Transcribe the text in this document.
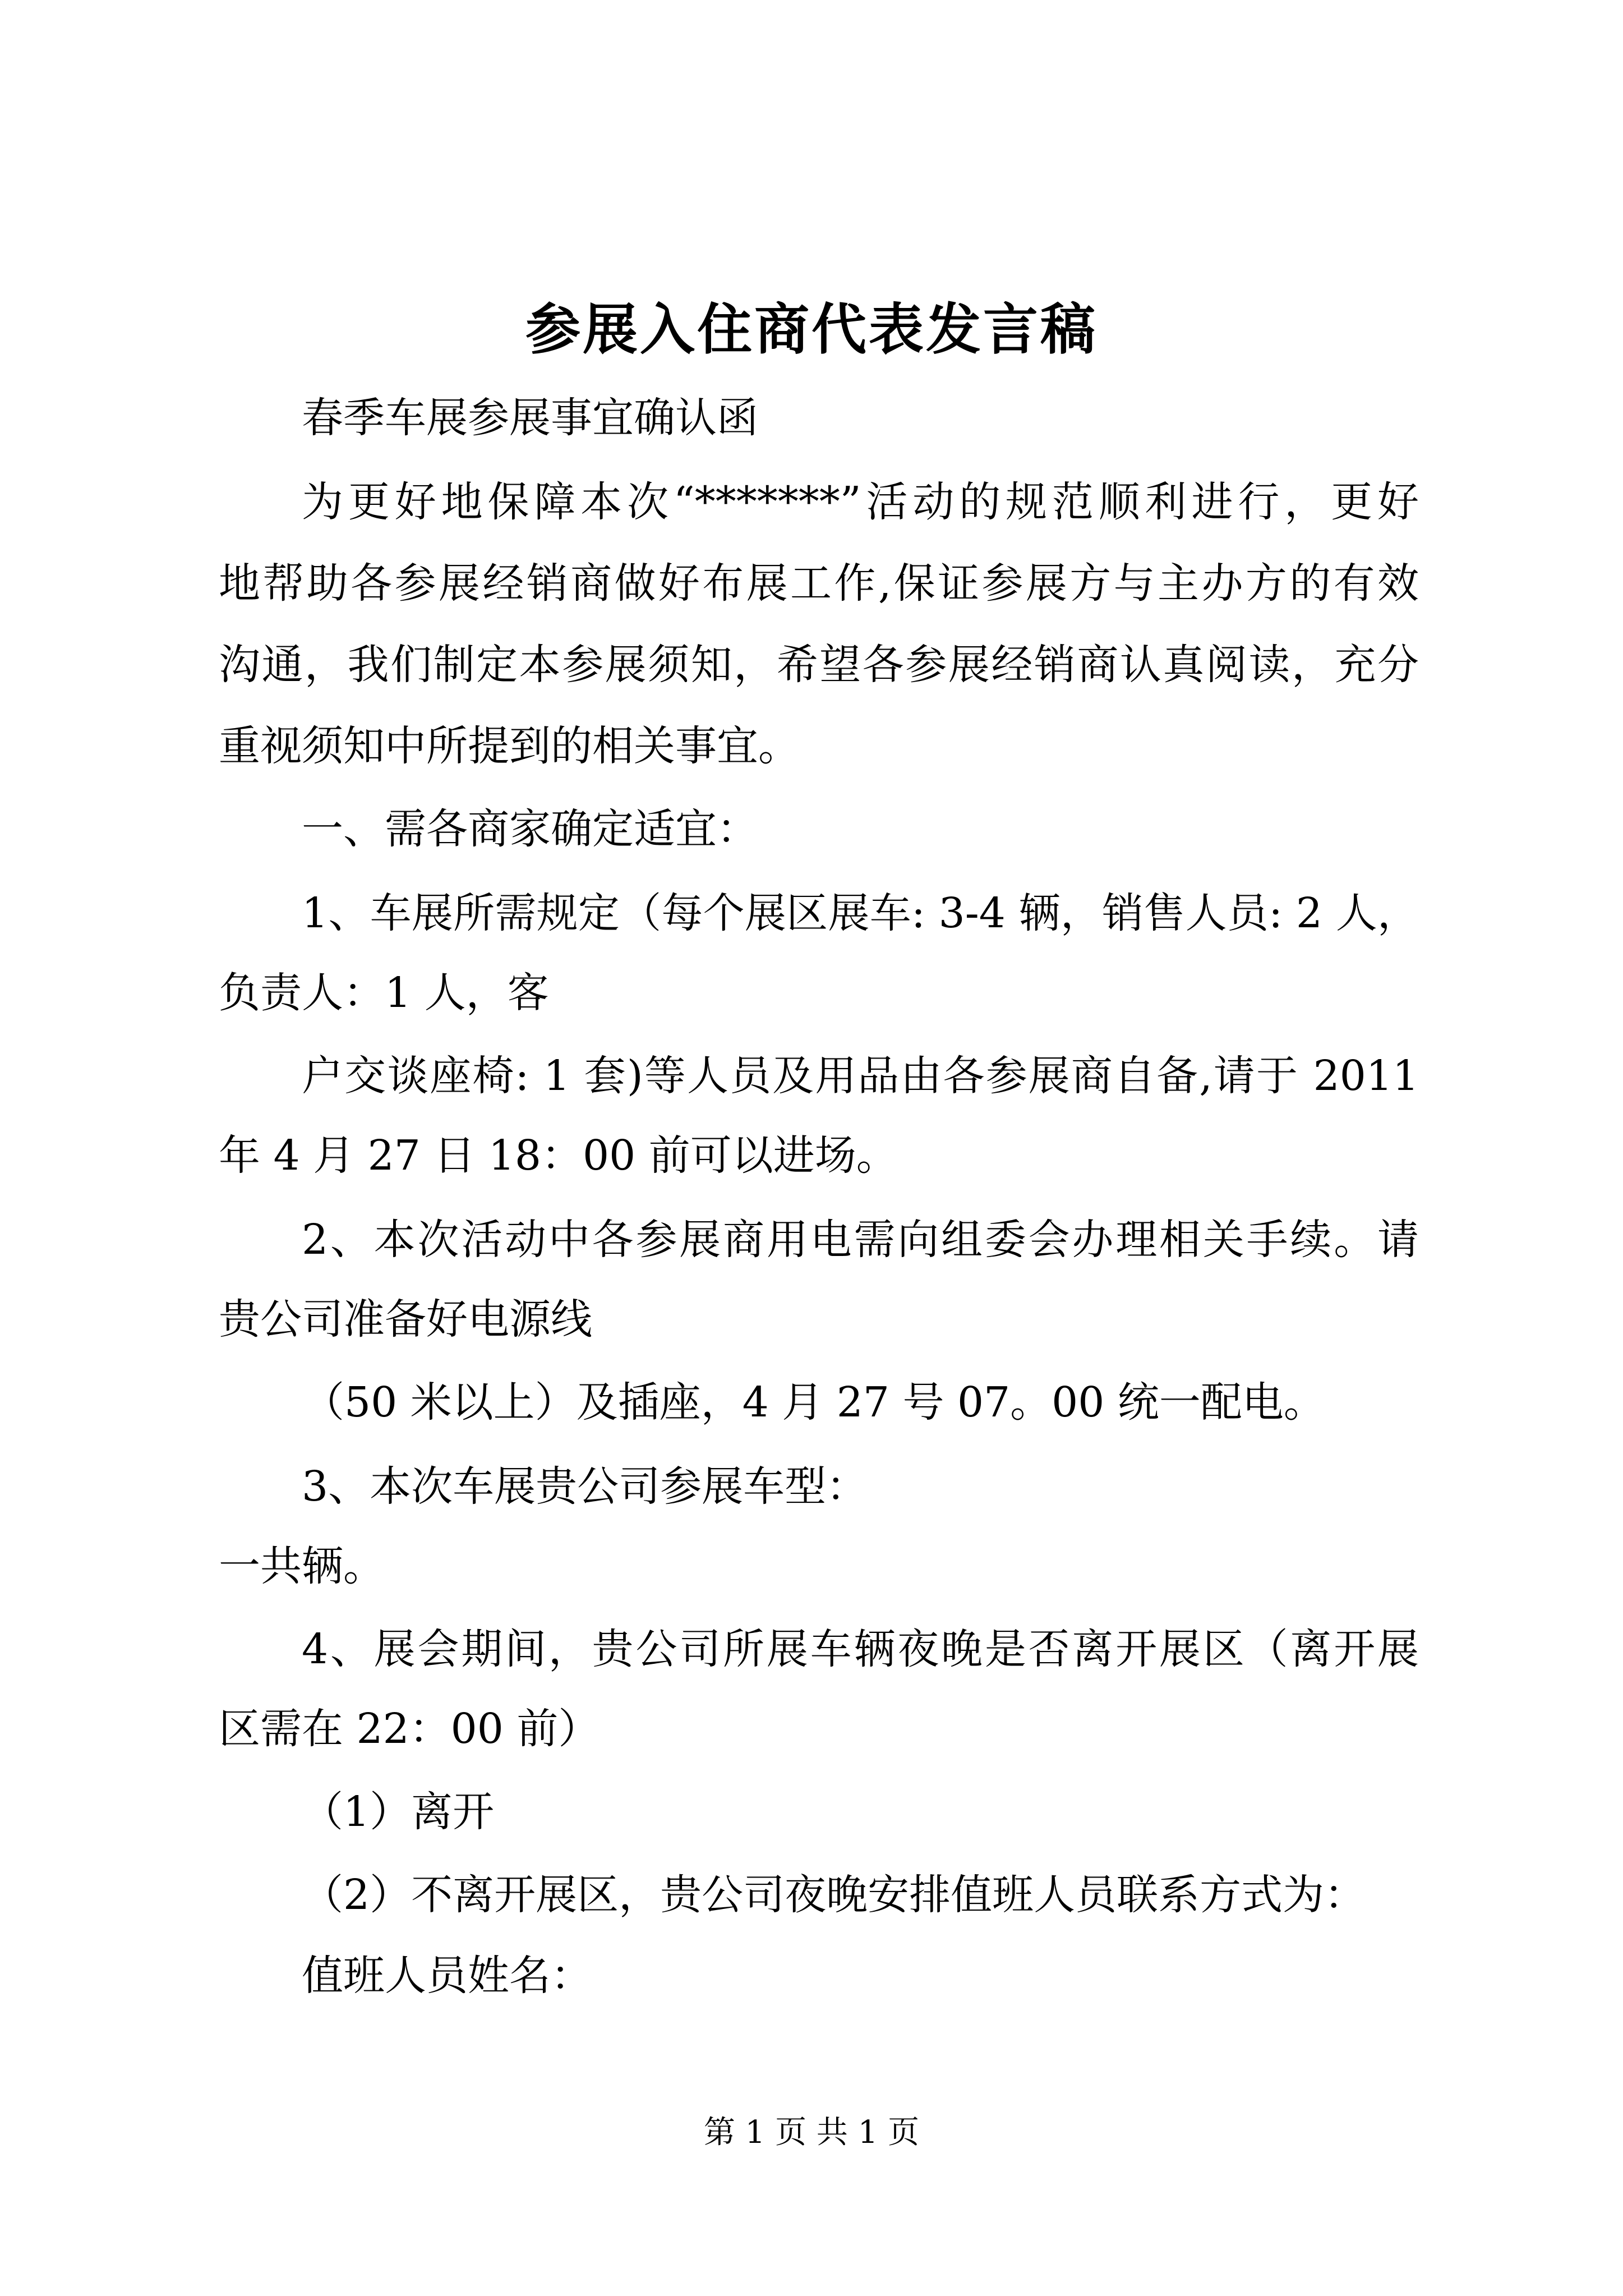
参展入住商代表发言稿

春季车展参展事宜确认函

为更好地保障本次“*******”活动的规范顺利进行，更好

地帮助各参展经销商做好布展工作,保证参展方与主办方的有效

沟通，我们制定本参展须知，希望各参展经销商认真阅读，充分

重视须知中所提到的相关事宜。

一、需各商家确定适宜：

1、车展所需规定（每个展区展车: 3-4 辆，销售人员: 2 人，

负责人：1 人，客

户交谈座椅: 1 套)等人员及用品由各参展商自备,请于 2011

年 4 月 27 日 18：00 前可以进场。

2、本次活动中各参展商用电需向组委会办理相关手续。请

贵公司准备好电源线

（50 米以上）及插座，4 月 27 号 07。00 统一配电。

3、本次车展贵公司参展车型：

一共辆。

4、展会期间，贵公司所展车辆夜晚是否离开展区（离开展

区需在 22：00 前）

（1）离开

（2）不离开展区，贵公司夜晚安排值班人员联系方式为：

值班人员姓名：

第 1 页 共 1 页
